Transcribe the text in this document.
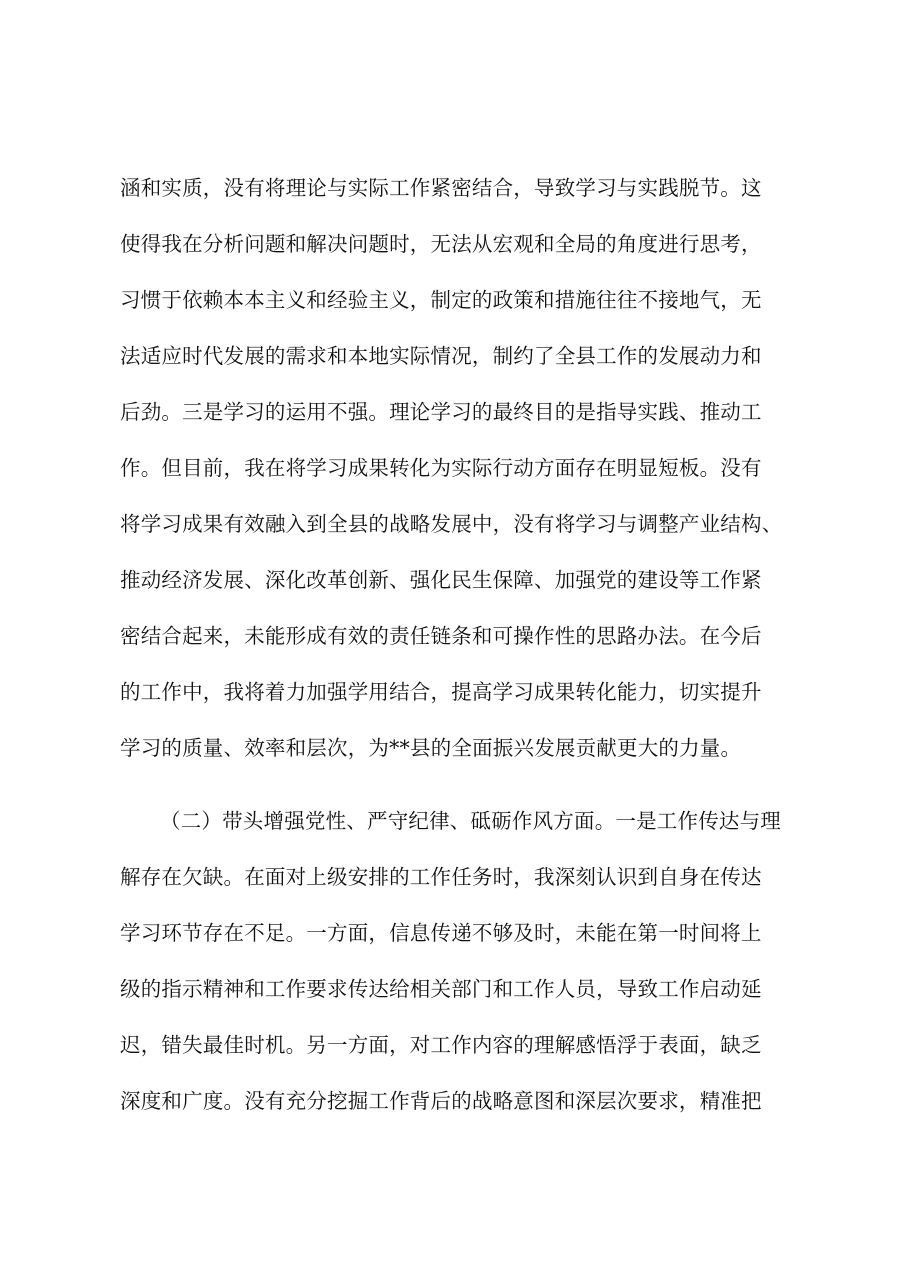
涵和实质，没有将理论与实际工作紧密结合，导致学习与实践脱节。这
使得我在分析问题和解决问题时，无法从宏观和全局的角度进行思考，
习惯于依赖本本主义和经验主义，制定的政策和措施往往不接地气，无
法适应时代发展的需求和本地实际情况，制约了全县工作的发展动力和
后劲。三是学习的运用不强。理论学习的最终目的是指导实践、推动工
作。但目前，我在将学习成果转化为实际行动方面存在明显短板。没有
将学习成果有效融入到全县的战略发展中，没有将学习与调整产业结构、
推动经济发展、深化改革创新、强化民生保障、加强党的建设等工作紧
密结合起来，未能形成有效的责任链条和可操作性的思路办法。在今后
的工作中，我将着力加强学用结合，提高学习成果转化能力，切实提升
学习的质量、效率和层次，为**县的全面振兴发展贡献更大的力量。
（二）带头增强党性、严守纪律、砥砺作风方面。一是工作传达与理
解存在欠缺。在面对上级安排的工作任务时，我深刻认识到自身在传达
学习环节存在不足。一方面，信息传递不够及时，未能在第一时间将上
级的指示精神和工作要求传达给相关部门和工作人员，导致工作启动延
迟，错失最佳时机。另一方面，对工作内容的理解感悟浮于表面，缺乏
深度和广度。没有充分挖掘工作背后的战略意图和深层次要求，精准把
